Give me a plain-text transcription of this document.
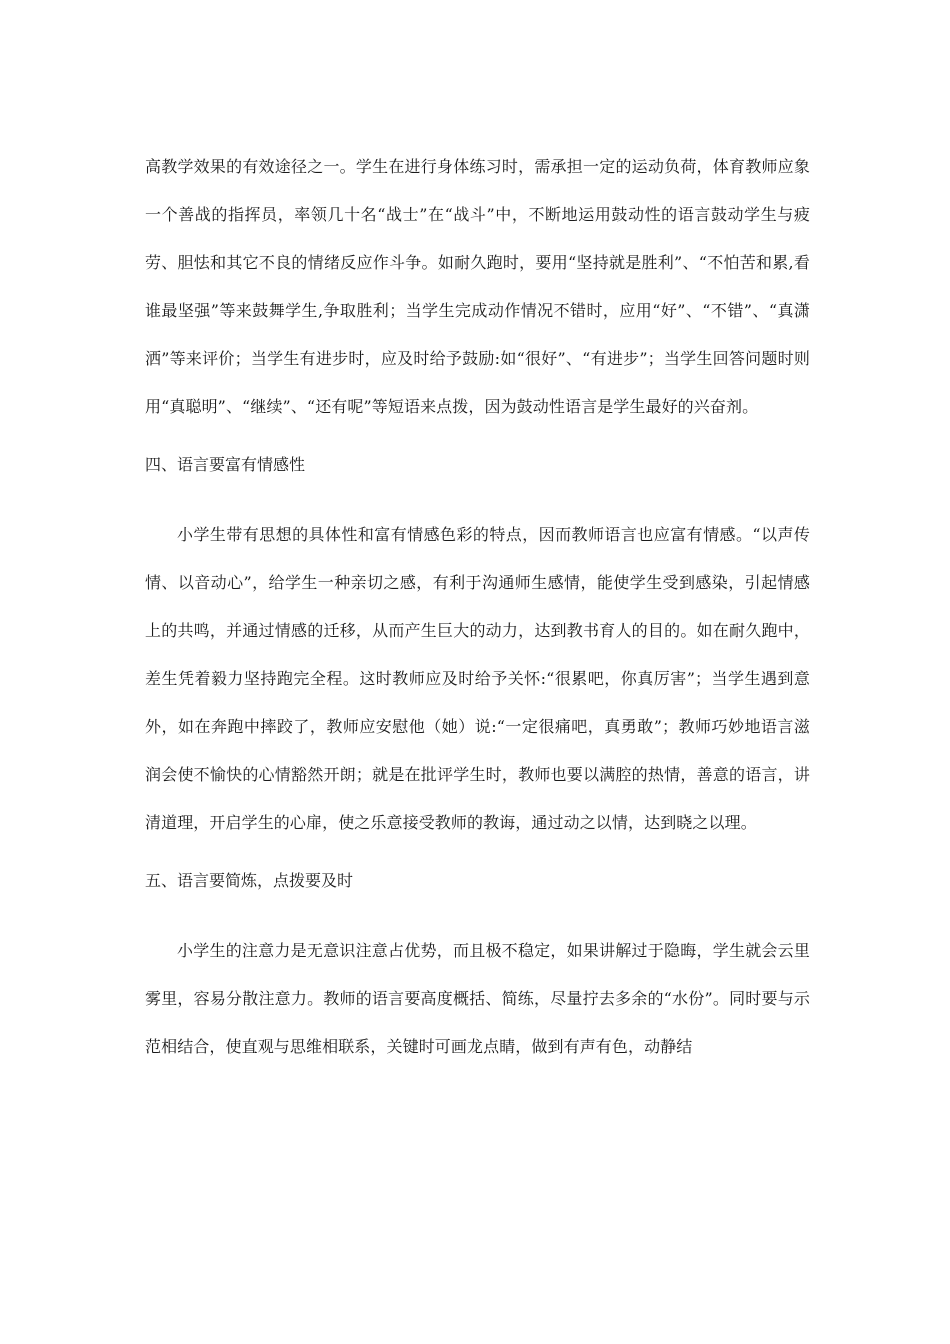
高教学效果的有效途径之一。学生在进行身体练习时，需承担一定的运动负荷，体育教师应象一个善战的指挥员，率领几十名“战士”在“战斗”中，不断地运用鼓动性的语言鼓动学生与疲劳、胆怯和其它不良的情绪反应作斗争。如耐久跑时，要用“坚持就是胜利”、“不怕苦和累,看谁最坚强”等来鼓舞学生,争取胜利；当学生完成动作情况不错时，应用“好”、“不错”、“真潇洒”等来评价；当学生有进步时，应及时给予鼓励:如“很好”、“有进步”；当学生回答问题时则用“真聪明”、“继续”、“还有呢”等短语来点拨，因为鼓动性语言是学生最好的兴奋剂。

四、语言要富有情感性

小学生带有思想的具体性和富有情感色彩的特点，因而教师语言也应富有情感。“以声传情、以音动心”，给学生一种亲切之感，有利于沟通师生感情，能使学生受到感染，引起情感上的共鸣，并通过情感的迁移，从而产生巨大的动力，达到教书育人的目的。如在耐久跑中，差生凭着毅力坚持跑完全程。这时教师应及时给予关怀:“很累吧，你真厉害”；当学生遇到意外，如在奔跑中摔跤了，教师应安慰他（她）说:“一定很痛吧，真勇敢”；教师巧妙地语言滋润会使不愉快的心情豁然开朗；就是在批评学生时，教师也要以满腔的热情，善意的语言，讲清道理，开启学生的心扉，使之乐意接受教师的教诲，通过动之以情，达到晓之以理。

五、语言要简炼，点拨要及时

小学生的注意力是无意识注意占优势，而且极不稳定，如果讲解过于隐晦，学生就会云里雾里，容易分散注意力。教师的语言要高度概括、简练，尽量拧去多余的“水份”。同时要与示范相结合，使直观与思维相联系，关键时可画龙点睛，做到有声有色，动静结
